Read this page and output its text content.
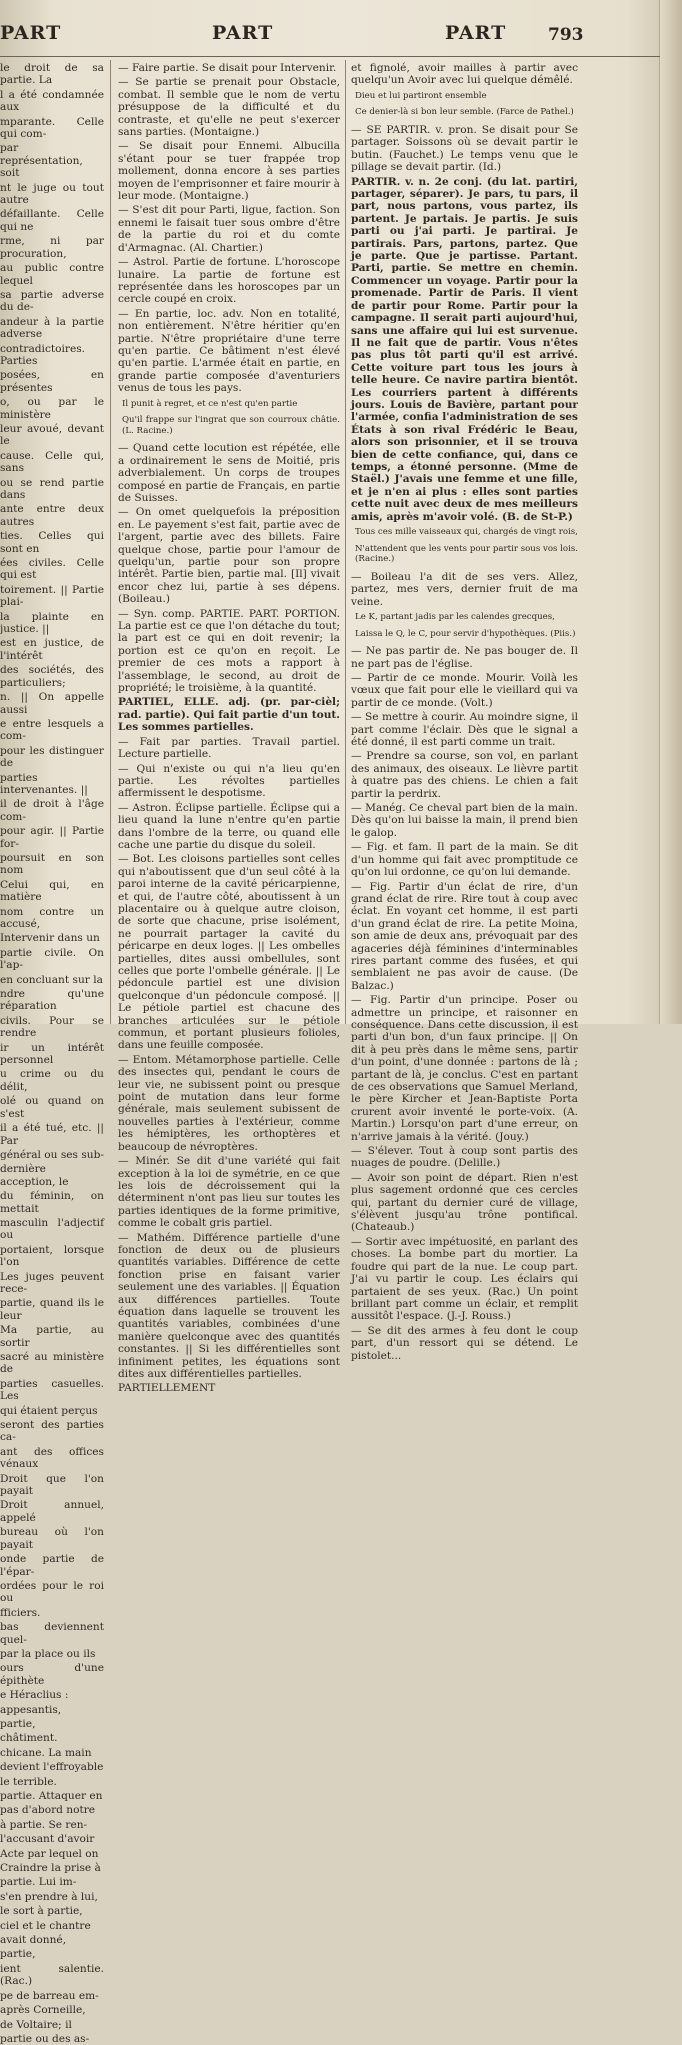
PART	PART	PART 793

le droit de sa partie. La

l a été condamnée aux

mparante. Celle qui com-

par représentation, soit

nt le juge ou tout autre

défaillante. Celle qui ne

rme, ni par procuration,

au public contre lequel

sa partie adverse du de-

andeur à la partie adverse

contradictoires. Parties

posées, en présentes

o, ou par le ministère

leur avoué, devant le

cause. Celle qui, sans

ou se rend partie dans

ante entre deux autres

ties. Celles qui sont en

ées civiles. Celle qui est

toirement. || Partie plai-

la plainte en justice. ||

est en justice, de l'intérêt

des sociétés, des particuliers;

n. || On appelle aussi

e entre lesquels a com-

pour les distinguer de

parties intervenantes. ||

il de droit à l'âge com-

pour agir. || Partie for-

poursuit en son nom

Celui qui, en matière

nom contre un accusé,

Intervenir dans un

partie civile. On l'ap-

en concluant sur la

ndre qu'une réparation

civils. Pour se rendre

ir un intérêt personnel

u crime ou du délit,

olé ou quand on s'est

il a été tué, etc. || Par

général ou ses sub-

dernière acception, le

du féminin, on mettait

masculin l'adjectif ou

portaient, lorsque l'on

Les juges peuvent rece-

partie, quand ils le leur

Ma partie, au sortir

sacré au ministère de

parties casuelles. Les

qui étaient perçus

seront des parties ca-

ant des offices vénaux

Droit que l'on payait

Droit annuel, appelé

bureau où l'on payait

onde partie de l'épar-

ordées pour le roi ou

fficiers.

bas deviennent quel-

par la place ou ils

ours d'une épithète

e Héraclius :

appesantis,

partie,

châtiment.

chicane. La main

devient l'effroyable

le terrible.

partie. Attaquer en

pas d'abord notre

à partie. Se ren-

l'accusant d'avoir

Acte par lequel on

Craindre la prise à

partie. Lui im-

s'en prendre à lui,

le sort à partie,

ciel et le chantre

avait donné,

partie,

ient salentie. (Rac.)

pe de barreau em-

après Corneille,

de Voltaire; il

partie ou des as-

— Faire partie. Se disait pour Intervenir.

— Se partie se prenait pour Obstacle, combat. Il semble que le nom de vertu présuppose de la difficulté et du contraste, et qu'elle ne peut s'exercer sans parties. (Montaigne.)

— Se disait pour Ennemi. Albucilla s'étant pour se tuer frappée trop mollement, donna encore à ses parties moyen de l'emprisonner et faire mourir à leur mode. (Montaigne.)

— S'est dit pour Parti, ligue, faction. Son ennemi le faisait tuer sous ombre d'être de la partie du roi et du comte d'Armagnac. (Al. Chartier.)

— Astrol. Partie de fortune. L'horoscope lunaire. La partie de fortune est représentée dans les horoscopes par un cercle coupé en croix.

— En partie, loc. adv. Non en totalité, non entièrement. N'être héritier qu'en partie. N'être propriétaire d'une terre qu'en partie. Ce bâtiment n'est élevé qu'en partie. L'armée était en partie, en grande partie composée d'aventuriers venus de tous les pays.

Il punit à regret, et ce n'est qu'en partie

Qu'il frappe sur l'ingrat que son courroux châtie. (L. Racine.)

— Quand cette locution est répétée, elle a ordinairement le sens de Moitié, pris adverbialement. Un corps de troupes composé en partie de Français, en partie de Suisses.

— On omet quelquefois la préposition en. Le payement s'est fait, partie avec de l'argent, partie avec des billets. Faire quelque chose, partie pour l'amour de quelqu'un, partie pour son propre intérêt. Partie bien, partie mal. [Il] vivait encor chez lui, partie à ses dépens. (Boileau.)

— Syn. comp. PARTIE. PART. PORTION. La partie est ce que l'on détache du tout; la part est ce qui en doit revenir; la portion est ce qu'on en reçoit. Le premier de ces mots a rapport à l'assemblage, le second, au droit de propriété; le troisième, à la quantité.

PARTIEL, ELLE. adj. (pr. par-cièl; rad. partie). Qui fait partie d'un tout. Les sommes partielles.

— Fait par parties. Travail partiel. Lecture partielle.

— Qui n'existe ou qui n'a lieu qu'en partie. Les révoltes partielles affermissent le despotisme.

— Astron. Éclipse partielle. Éclipse qui a lieu quand la lune n'entre qu'en partie dans l'ombre de la terre, ou quand elle cache une partie du disque du soleil.

— Bot. Les cloisons partielles sont celles qui n'aboutissent que d'un seul côté à la paroi interne de la cavité péricarpienne, et qui, de l'autre côté, aboutissent à un placentaire ou à quelque autre cloison, de sorte que chacune, prise isolément, ne pourrait partager la cavité du péricarpe en deux loges. || Les ombelles partielles, dites aussi ombellules, sont celles que porte l'ombelle générale. || Le pédoncule partiel est une division quelconque d'un pédoncule composé. || Le pétiole partiel est chacune des branches articulées sur le pétiole commun, et portant plusieurs folioles, dans une feuille composée.

— Entom. Métamorphose partielle. Celle des insectes qui, pendant le cours de leur vie, ne subissent point ou presque point de mutation dans leur forme générale, mais seulement subissent de nouvelles parties à l'extérieur, comme les hémiptères, les orthoptères et beaucoup de névroptères.

— Minér. Se dit d'une variété qui fait exception à la loi de symétrie, en ce que les lois de décroissement qui la déterminent n'ont pas lieu sur toutes les parties identiques de la forme primitive, comme le cobalt gris partiel.

— Mathém. Différence partielle d'une fonction de deux ou de plusieurs quantités variables. Différence de cette fonction prise en faisant varier seulement une des variables. || Équation aux différences partielles. Toute équation dans laquelle se trouvent les quantités variables, combinées d'une manière quelconque avec des quantités constantes. || Si les différentielles sont infiniment petites, les équations sont dites aux différentielles partielles.

PARTIELLEMENT

et fignolé, avoir mailles à partir avec quelqu'un Avoir avec lui quelque démêlé.

Dieu et lui partiront ensemble

Ce denier-là si bon leur semble. (Farce de Pathel.)

— SE PARTIR. v. pron. Se disait pour Se partager. Soissons où se devait partir le butin. (Fauchet.) Le temps venu que le pillage se devait partir. (Id.)

PARTIR. v. n. 2e conj. (du lat. partiri, partager, séparer). Je pars, tu pars, il part, nous partons, vous partez, ils partent. Je partais. Je partis. Je suis parti ou j'ai parti. Je partirai. Je partirais. Pars, partons, partez. Que je parte. Que je partisse. Partant. Parti, partie. Se mettre en chemin. Commencer un voyage. Partir pour la promenade. Partir de Paris. Il vient de partir pour Rome. Partir pour la campagne. Il serait parti aujourd'hui, sans une affaire qui lui est survenue. Il ne fait que de partir. Vous n'êtes pas plus tôt parti qu'il est arrivé. Cette voiture part tous les jours à telle heure. Ce navire partira bientôt. Les courriers partent à différents jours. Louis de Bavière, partant pour l'armée, confia l'administration de ses États à son rival Frédéric le Beau, alors son prisonnier, et il se trouva bien de cette confiance, qui, dans ce temps, a étonné personne. (Mme de Staël.) J'avais une femme et une fille, et je n'en ai plus : elles sont parties cette nuit avec deux de mes meilleurs amis, après m'avoir volé. (B. de St-P.)

Tous ces mille vaisseaux qui, chargés de vingt rois,

N'attendent que les vents pour partir sous vos lois. (Racine.)

— Boileau l'a dit de ses vers. Allez, partez, mes vers, dernier fruit de ma veine.

Le K, partant jadis par les calendes grecques,

Laissa le Q, le C, pour servir d'hypothèques. (Piis.)

— Ne pas partir de. Ne pas bouger de. Il ne part pas de l'église.

— Partir de ce monde. Mourir. Voilà les vœux que fait pour elle le vieillard qui va partir de ce monde. (Volt.)

— Se mettre à courir. Au moindre signe, il part comme l'éclair. Dès que le signal a été donné, il est parti comme un trait.

— Prendre sa course, son vol, en parlant des animaux, des oiseaux. Le lièvre partit à quatre pas des chiens. Le chien a fait partir la perdrix.

— Manég. Ce cheval part bien de la main. Dès qu'on lui baisse la main, il prend bien le galop.

— Fig. et fam. Il part de la main. Se dit d'un homme qui fait avec promptitude ce qu'on lui ordonne, ce qu'on lui demande.

— Fig. Partir d'un éclat de rire, d'un grand éclat de rire. Rire tout à coup avec éclat. En voyant cet homme, il est parti d'un grand éclat de rire. La petite Moina, son amie de deux ans, prévoquait par des agaceries déjà féminines d'interminables rires partant comme des fusées, et qui semblaient ne pas avoir de cause. (De Balzac.)

— Fig. Partir d'un principe. Poser ou admettre un principe, et raisonner en conséquence. Dans cette discussion, il est parti d'un bon, d'un faux principe. || On dit à peu près dans le même sens, partir d'un point, d'une donnée : partons de là ; partant de là, je conclus. C'est en partant de ces observations que Samuel Merland, le père Kircher et Jean-Baptiste Porta crurent avoir inventé le porte-voix. (A. Martin.) Lorsqu'on part d'une erreur, on n'arrive jamais à la vérité. (Jouy.)

— S'élever. Tout à coup sont partis des nuages de poudre. (Delille.)

— Avoir son point de départ. Rien n'est plus sagement ordonné que ces cercles qui, partant du dernier curé de village, s'élèvent jusqu'au trône pontifical. (Chateaub.)

— Sortir avec impétuosité, en parlant des choses. La bombe part du mortier. La foudre qui part de la nue. Le coup part. J'ai vu partir le coup. Les éclairs qui partaient de ses yeux. (Rac.) Un point brillant part comme un éclair, et remplit aussitôt l'espace. (J.-J. Rouss.)

— Se dit des armes à feu dont le coup part, d'un ressort qui se détend. Le pistolet...
